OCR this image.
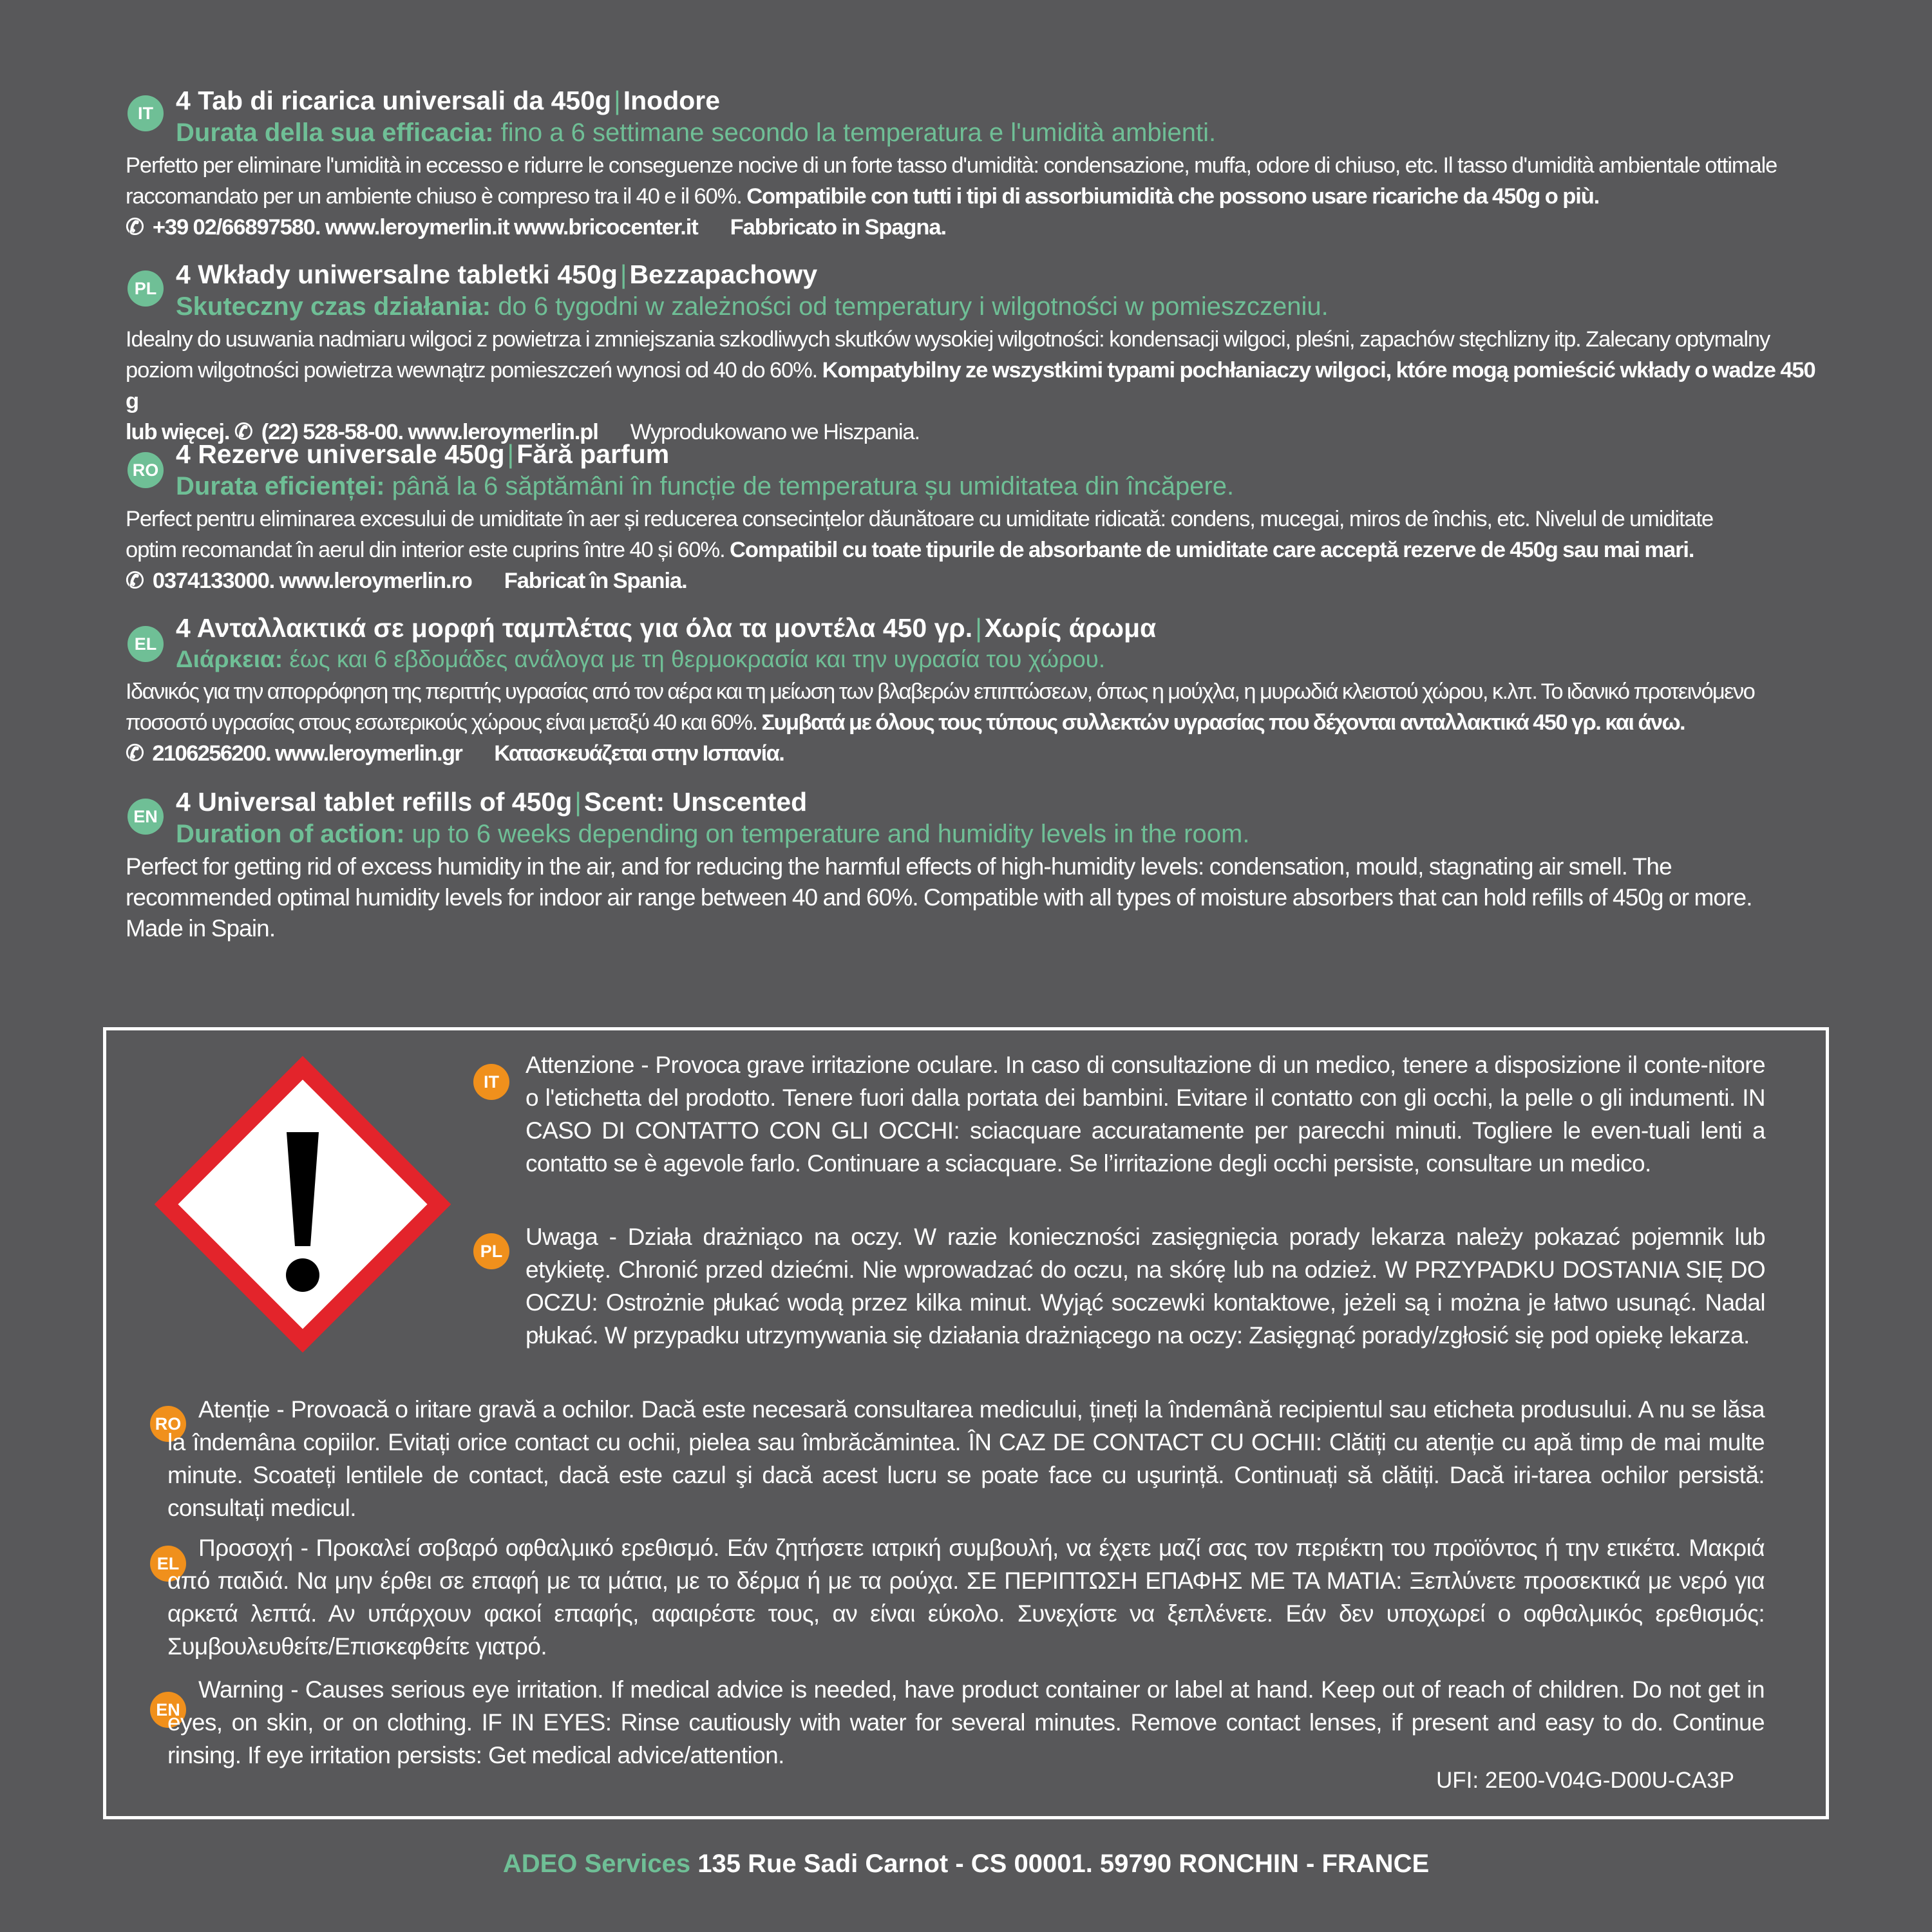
IT 4 Tab di ricarica universali da 450g|Inodore
Durata della sua efficacia: fino a 6 settimane secondo la temperatura e l'umidità ambienti.
Perfetto per eliminare l'umidità in eccesso e ridurre le conseguenze nocive di un forte tasso d'umidità: condensazione, muffa, odore di chiuso, etc. Il tasso d'umidità ambientale ottimale
raccomandato per un ambiente chiuso è compreso tra il 40 e il 60%. Compatibile con tutti i tipi di assorbiumidità che possono usare ricariche da 450g o più.
✆ +39 02/66897580. www.leroymerlin.it www.bricocenter.it Fabbricato in Spagna.
PL 4 Wkłady uniwersalne tabletki 450g|Bezzapachowy
Skuteczny czas działania: do 6 tygodni w zależności od temperatury i wilgotności w pomieszczeniu.
Idealny do usuwania nadmiaru wilgoci z powietrza i zmniejszania szkodliwych skutków wysokiej wilgotności: kondensacji wilgoci, pleśni, zapachów stęchlizny itp. Zalecany optymalny
poziom wilgotności powietrza wewnątrz pomieszczeń wynosi od 40 do 60%. Kompatybilny ze wszystkimi typami pochłaniaczy wilgoci, które mogą pomieścić wkłady o wadze 450 g
lub więcej. ✆ (22) 528-58-00. www.leroymerlin.pl Wyprodukowano we Hiszpania.
RO
4 Rezerve universale 450g|Fără parfum
Durata eficienței: până la 6 săptămâni în funcție de temperatura șu umiditatea din încăpere.
Perfect pentru eliminarea excesului de umiditate în aer și reducerea consecințelor dăunătoare cu umiditate ridicată: condens, mucegai, miros de închis, etc. Nivelul de umiditate
optim recomandat în aerul din interior este cuprins între 40 și 60%. Compatibil cu toate tipurile de absorbante de umiditate care acceptă rezerve de 450g sau mai mari.
✆ 0374133000. www.leroymerlin.ro Fabricat în Spania.
EL
4 Ανταλλακτικά σε μορφή ταμπλέτας για όλα τα μοντέλα 450 γρ.|Χωρίς άρωμα
Διάρκεια: έως και 6 εβδομάδες ανάλογα με τη θερμοκρασία και την υγρασία του χώρου.
Ιδανικός για την απορρόφηση της περιττής υγρασίας από τον αέρα και τη μείωση των βλαβερών επιπτώσεων, όπως η μούχλα, η μυρωδιά κλειστού χώρου, κ.λπ. Το ιδανικό προτεινόμενο
ποσοστό υγρασίας στους εσωτερικούς χώρους είναι μεταξύ 40 και 60%. Συμβατά με όλους τους τύπους συλλεκτών υγρασίας που δέχονται ανταλλακτικά 450 γρ. και άνω.
✆ 2106256200. www.leroymerlin.gr Κατασκευάζεται στην Ισπανία.
EN 4 Universal tablet refills of 450g|Scent: Unscented
Duration of action: up to 6 weeks depending on temperature and humidity levels in the room.
Perfect for getting rid of excess humidity in the air, and for reducing the harmful effects of high-humidity levels: condensation, mould, stagnating air smell. The
recommended optimal humidity levels for indoor air range between 40 and 60%. Compatible with all types of moisture absorbers that can hold refills of 450g or more.
Made in Spain.
IT
Attenzione - Provoca grave irritazione oculare. In caso di consultazione di un medico, tenere a disposizione il conte-nitore o l'etichetta del prodotto. Tenere fuori dalla portata dei bambini. Evitare il contatto con gli occhi, la pelle o gli indumenti. IN CASO DI CONTATTO CON GLI OCCHI: sciacquare accuratamente per parecchi minuti. Togliere le even-tuali lenti a contatto se è agevole farlo. Continuare a sciacquare. Se l’irritazione degli occhi persiste, consultare un medico.
PL
Uwaga - Działa drażniąco na oczy. W razie konieczności zasięgnięcia porady lekarza należy pokazać pojemnik lub etykietę. Chronić przed dziećmi. Nie wprowadzać do oczu, na skórę lub na odzież. W PRZYPADKU DOSTANIA SIĘ DO OCZU: Ostrożnie płukać wodą przez kilka minut. Wyjąć soczewki kontaktowe, jeżeli są i można je łatwo usunąć. Nadal płukać. W przypadku utrzymywania się działania drażniącego na oczy: Zasięgnąć porady/zgłosić się pod opiekę lekarza.
RO
Atenție - Provoacă o iritare gravă a ochilor. Dacă este necesară consultarea medicului, țineți la îndemână recipientul sau eticheta produsului. A nu se lăsa la îndemâna copiilor. Evitați orice contact cu ochii, pielea sau îmbrăcămintea. ÎN CAZ DE CONTACT CU OCHII: Clătiți cu atenție cu apă timp de mai multe minute. Scoateți lentilele de contact, dacă este cazul şi dacă acest lucru se poate face cu uşurință. Continuați să clătiți. Dacă iri-tarea ochilor persistă: consultați medicul.
EL
Προσοχή - Προκαλεί σοβαρό οφθαλμικό ερεθισμό. Εάν ζητήσετε ιατρική συμβουλή, να έχετε μαζί σας τον περιέκτη του προϊόντος ή την ετικέτα. Μακριά από παιδιά. Να μην έρθει σε επαφή με τα μάτια, με το δέρμα ή με τα ρούχα. ΣΕ ΠΕΡΙΠΤΩΣΗ ΕΠΑΦΗΣ ΜΕ ΤΑ ΜΑΤΙΑ: Ξεπλύνετε προσεκτικά με νερό για αρκετά λεπτά. Αν υπάρχουν φακοί επαφής, αφαιρέστε τους, αν είναι εύκολο. Συνεχίστε να ξεπλένετε. Εάν δεν υποχωρεί ο οφθαλμικός ερεθισμός: Συμβουλευθείτε/Επισκεφθείτε γιατρό.
EN
Warning - Causes serious eye irritation. If medical advice is needed, have product container or label at hand. Keep out of reach of children. Do not get in eyes, on skin, or on clothing. IF IN EYES: Rinse cautiously with water for several minutes. Remove contact lenses, if present and easy to do. Continue rinsing. If eye irritation persists: Get medical advice/attention.
UFI: 2E00-V04G-D00U-CA3P
ADEO Services 135 Rue Sadi Carnot - CS 00001. 59790 RONCHIN - FRANCE
